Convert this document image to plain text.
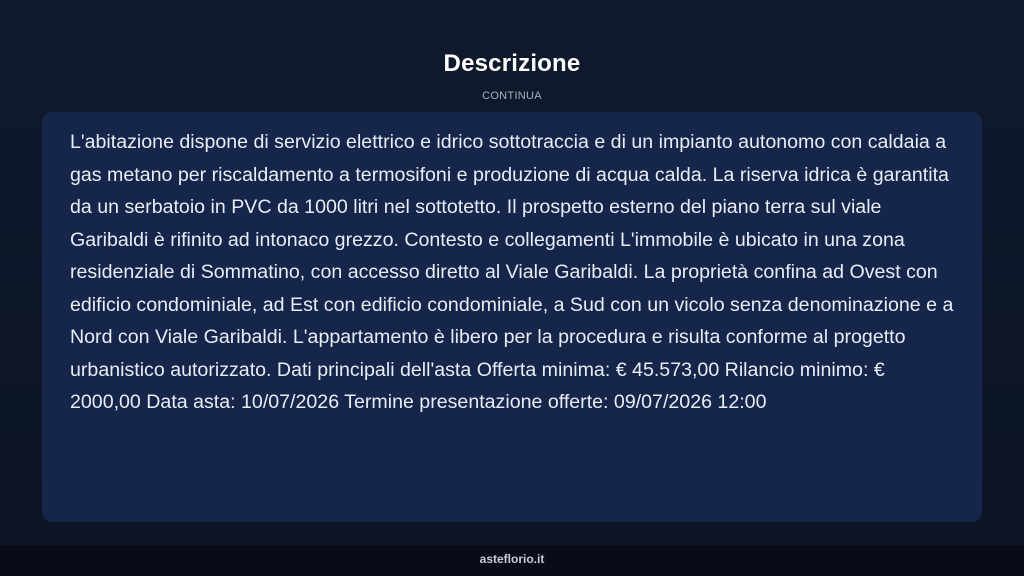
Descrizione
CONTINUA

L'abitazione dispone di servizio elettrico e idrico sottotraccia e di un impianto autonomo con caldaia a gas metano per riscaldamento a termosifoni e produzione di acqua calda. La riserva idrica è garantita da un serbatoio in PVC da 1000 litri nel sottotetto. Il prospetto esterno del piano terra sul viale Garibaldi è rifinito ad intonaco grezzo. Contesto e collegamenti L'immobile è ubicato in una zona residenziale di Sommatino, con accesso diretto al Viale Garibaldi. La proprietà confina ad Ovest con edificio condominiale, ad Est con edificio condominiale, a Sud con un vicolo senza denominazione e a Nord con Viale Garibaldi. L'appartamento è libero per la procedura e risulta conforme al progetto urbanistico autorizzato. Dati principali dell'asta Offerta minima: € 45.573,00 Rilancio minimo: € 2000,00 Data asta: 10/07/2026 Termine presentazione offerte: 09/07/2026 12:00

asteflorio.it
